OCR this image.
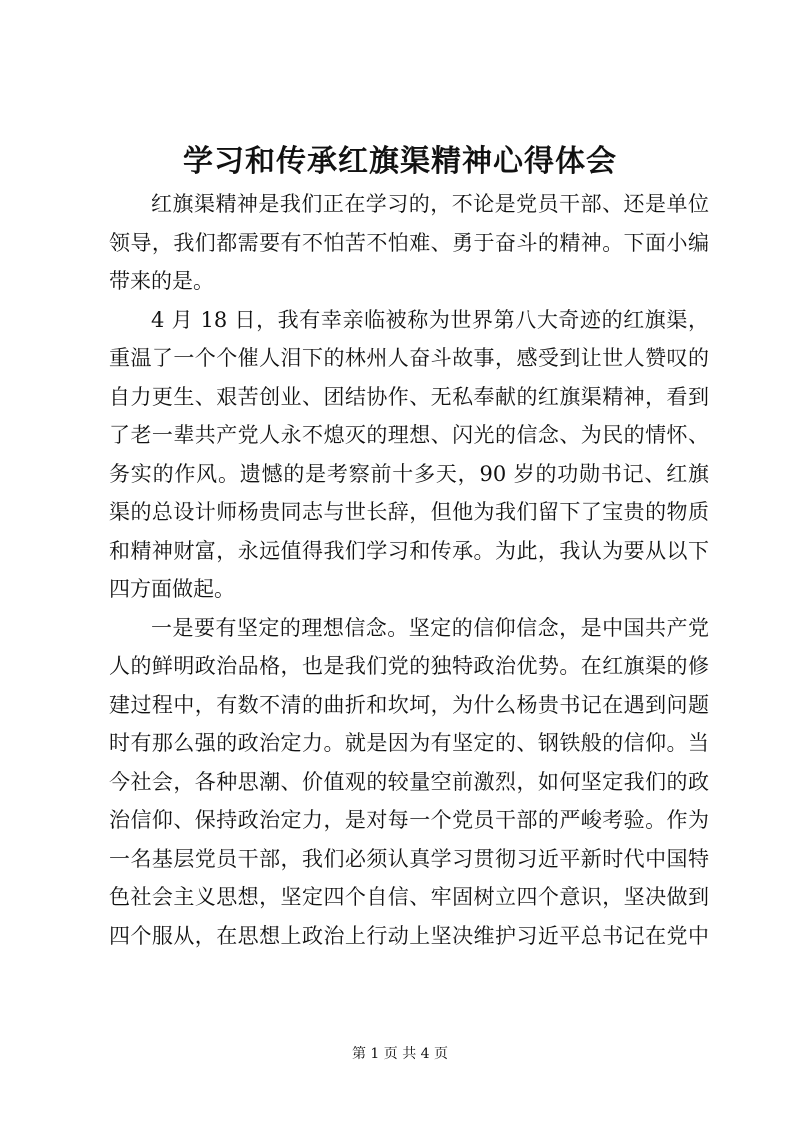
学习和传承红旗渠精神心得体会
红旗渠精神是我们正在学习的，不论是党员干部、还是单位
领导，我们都需要有不怕苦不怕难、勇于奋斗的精神。下面小编
带来的是。
4 月 18 日，我有幸亲临被称为世界第八大奇迹的红旗渠，
重温了一个个催人泪下的林州人奋斗故事，感受到让世人赞叹的
自力更生、艰苦创业、团结协作、无私奉献的红旗渠精神，看到
了老一辈共产党人永不熄灭的理想、闪光的信念、为民的情怀、
务实的作风。遗憾的是考察前十多天，90 岁的功勋书记、红旗
渠的总设计师杨贵同志与世长辞，但他为我们留下了宝贵的物质
和精神财富，永远值得我们学习和传承。为此，我认为要从以下
四方面做起。
一是要有坚定的理想信念。坚定的信仰信念，是中国共产党
人的鲜明政治品格，也是我们党的独特政治优势。在红旗渠的修
建过程中，有数不清的曲折和坎坷，为什么杨贵书记在遇到问题
时有那么强的政治定力。就是因为有坚定的、钢铁般的信仰。当
今社会，各种思潮、价值观的较量空前激烈，如何坚定我们的政
治信仰、保持政治定力，是对每一个党员干部的严峻考验。作为
一名基层党员干部，我们必须认真学习贯彻习近平新时代中国特
色社会主义思想，坚定四个自信、牢固树立四个意识，坚决做到
四个服从，在思想上政治上行动上坚决维护习近平总书记在党中
第 1 页 共 4 页
